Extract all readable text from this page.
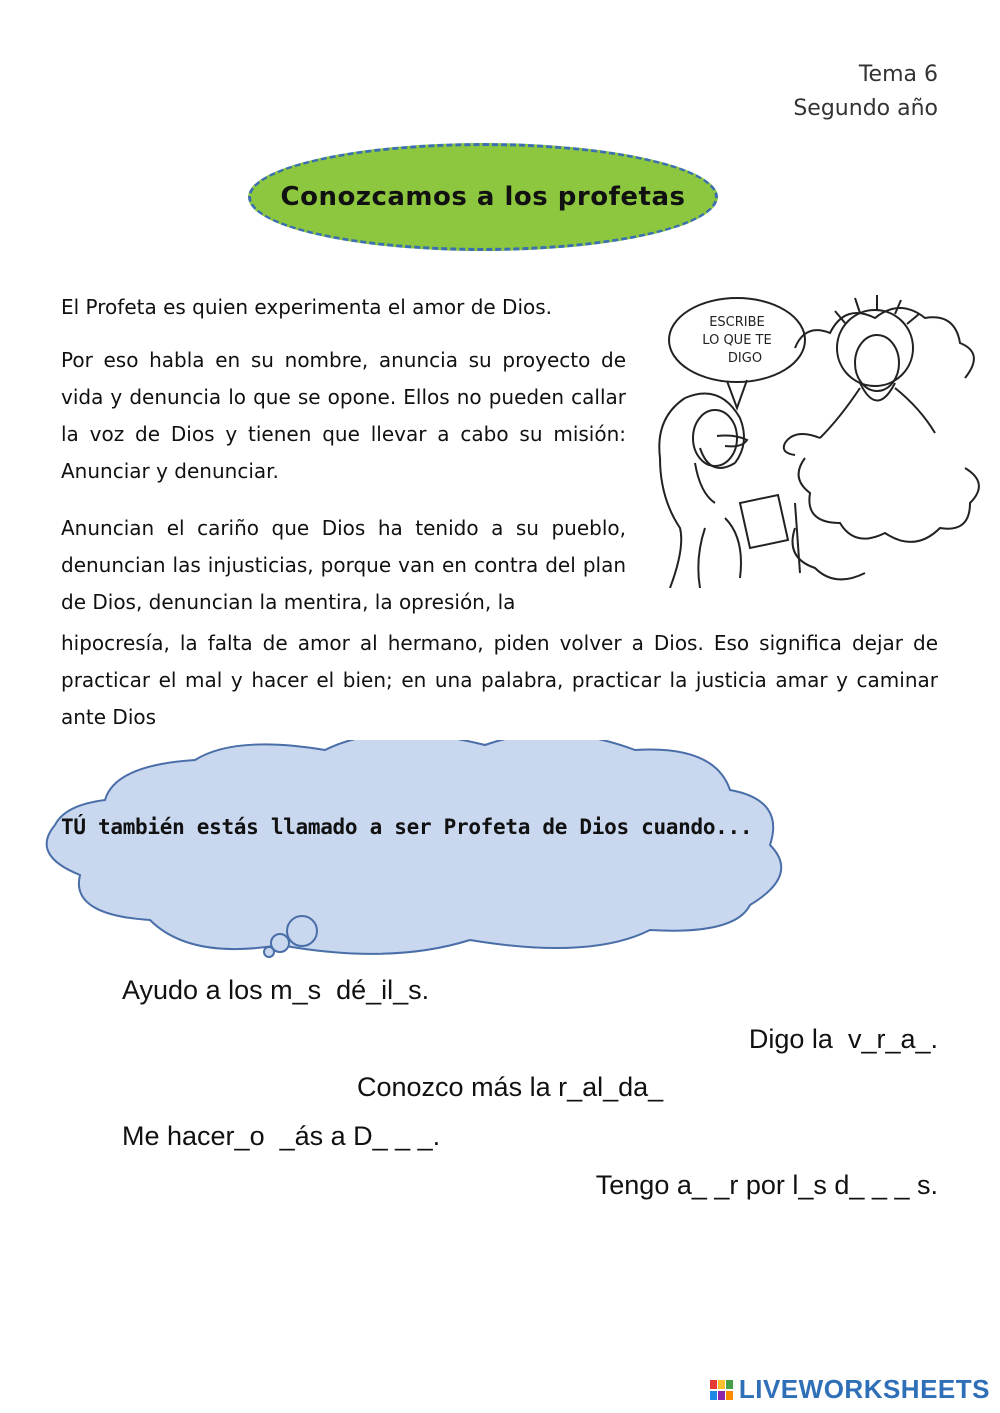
Tema 6
Segundo año
Conozcamos a los profetas
El Profeta es quien experimenta el amor de Dios.
Por eso habla en su nombre, anuncia su proyecto de vida y denuncia lo que se opone. Ellos no pueden callar la voz de Dios y tienen que llevar a cabo su misión: Anunciar y denunciar.
Anuncian el cariño que Dios ha tenido a su pueblo, denuncian las injusticias, porque van en contra del plan de Dios, denuncian la mentira, la opresión, la
hipocresía, la falta de amor al hermano, piden volver a Dios. Eso significa dejar de practicar el mal y hacer el bien; en una palabra, practicar la justicia amar y caminar ante Dios
ESCRIBE
LO QUE TE
DIGO
TÚ también estás llamado a ser Profeta de Dios cuando...
Ayudo a los m_s  dé_il_s.
Digo la  v_r_a_.
Conozco más la r_al_da_
Me hacer_o  _ás a D_ _ _.
Tengo a_ _r por l_s d_ _ _ s.
LIVEWORKSHEETS
